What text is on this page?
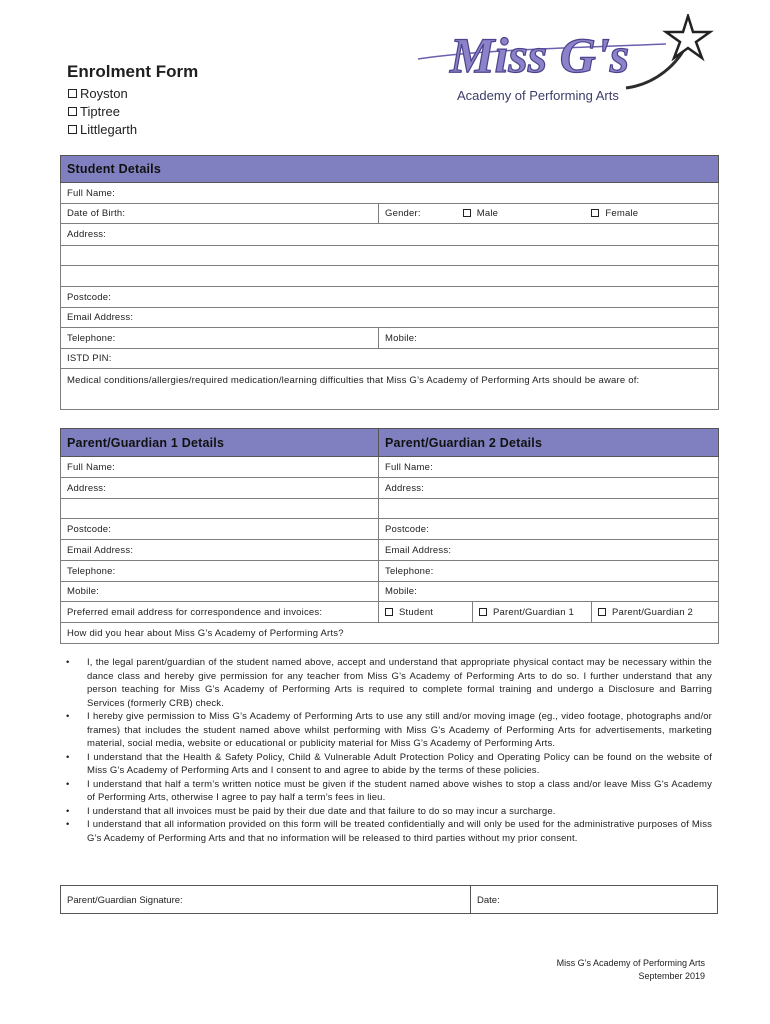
Enrolment Form
Royston
Tiptree
Littlegarth
Miss G's
Academy of Performing Arts
Student Details	
Full Name:	
Date of Birth:	Gender: Male Female

Address:	

Postcode:	
Email Address:	
Telephone:	Mobile:
ISTD PIN:	
Medical conditions/allergies/required medication/learning difficulties that Miss G’s Academy of Performing Arts should be aware of:	
Parent/Guardian 1 Details	Parent/Guardian 2 Details		
Full Name:	Full Name:		
Address:	Address:		

Postcode:	Postcode:		
Email Address:	Email Address:		
Telephone:	Telephone:		
Mobile:	Mobile:		
Preferred email address for correspondence and invoices:	Student	Parent/Guardian 1	Parent/Guardian 2
How did you hear about Miss G’s Academy of Performing Arts?			
• I, the legal parent/guardian of the student named above, accept and understand that appropriate physical contact may be necessary within the dance class and hereby give permission for any teacher from Miss G’s Academy of Performing Arts to do so. I further understand that any person teaching for Miss G’s Academy of Performing Arts is required to complete formal training and undergo a Disclosure and Barring Services (formerly CRB) check.
• I hereby give permission to Miss G’s Academy of Performing Arts to use any still and/or moving image (eg., video footage, photographs and/or frames) that includes the student named above whilst performing with Miss G’s Academy of Performing Arts for advertisements, marketing material, social media, website or educational or publicity material for Miss G’s Academy of Performing Arts.
• I understand that the Health & Safety Policy, Child & Vulnerable Adult Protection Policy and Operating Policy can be found on the website of Miss G’s Academy of Performing Arts and I consent to and agree to abide by the terms of these policies.
• I understand that half a term’s written notice must be given if the student named above wishes to stop a class and/or leave Miss G’s Academy of Performing Arts, otherwise I agree to pay half a term’s fees in lieu.
• I understand that all invoices must be paid by their due date and that failure to do so may incur a surcharge.
• I understand that all information provided on this form will be treated confidentially and will only be used for the administrative purposes of Miss G’s Academy of Performing Arts and that no information will be released to third parties without my prior consent.
Parent/Guardian Signature:	Date:
Miss G’s Academy of Performing Arts
September 2019
